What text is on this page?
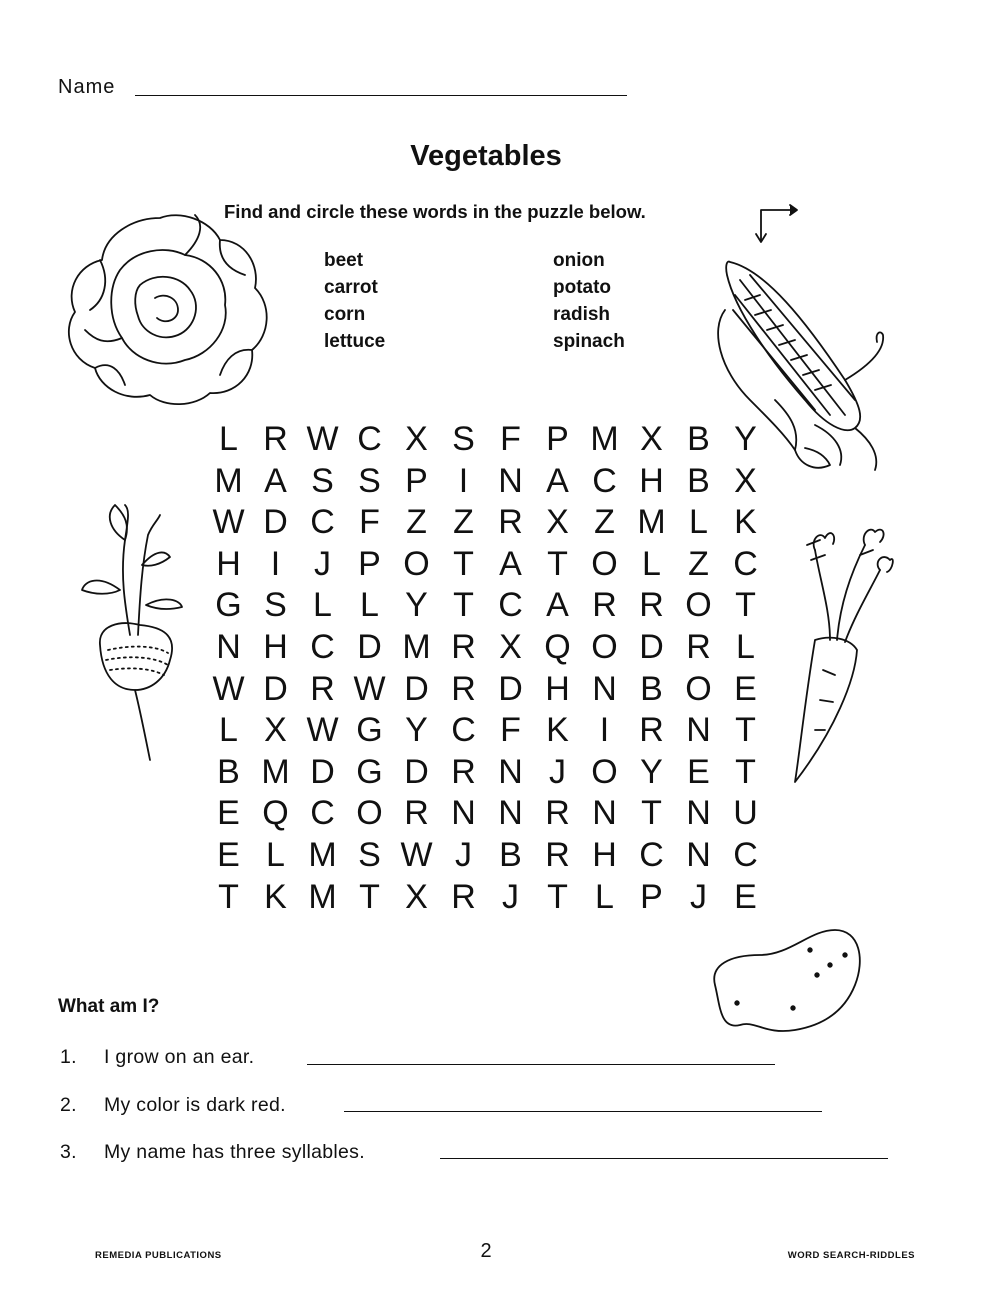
Name
Vegetables
Find and circle these words in the puzzle below.
beet
carrot
corn
lettuce
onion
potato
radish
spinach
L R W C X S F P M X B Y
M A S S P I N A C H B X
W D C F Z Z R X Z M L K
H I J P O T A T O L Z C
G S L L Y T C A R R O T
N H C D M R X Q O D R L
W D R W D R D H N B O E
L X W G Y C F K I R N T
B M D G D R N J O Y E T
E Q C O R N N R N T N U
E L M S W J B R H C N C
T K M T X R J T L P J E
What am I?
1. I grow on an ear.
2. My color is dark red.
3. My name has three syllables.
REMEDIA PUBLICATIONS	2	WORD SEARCH-RIDDLES
